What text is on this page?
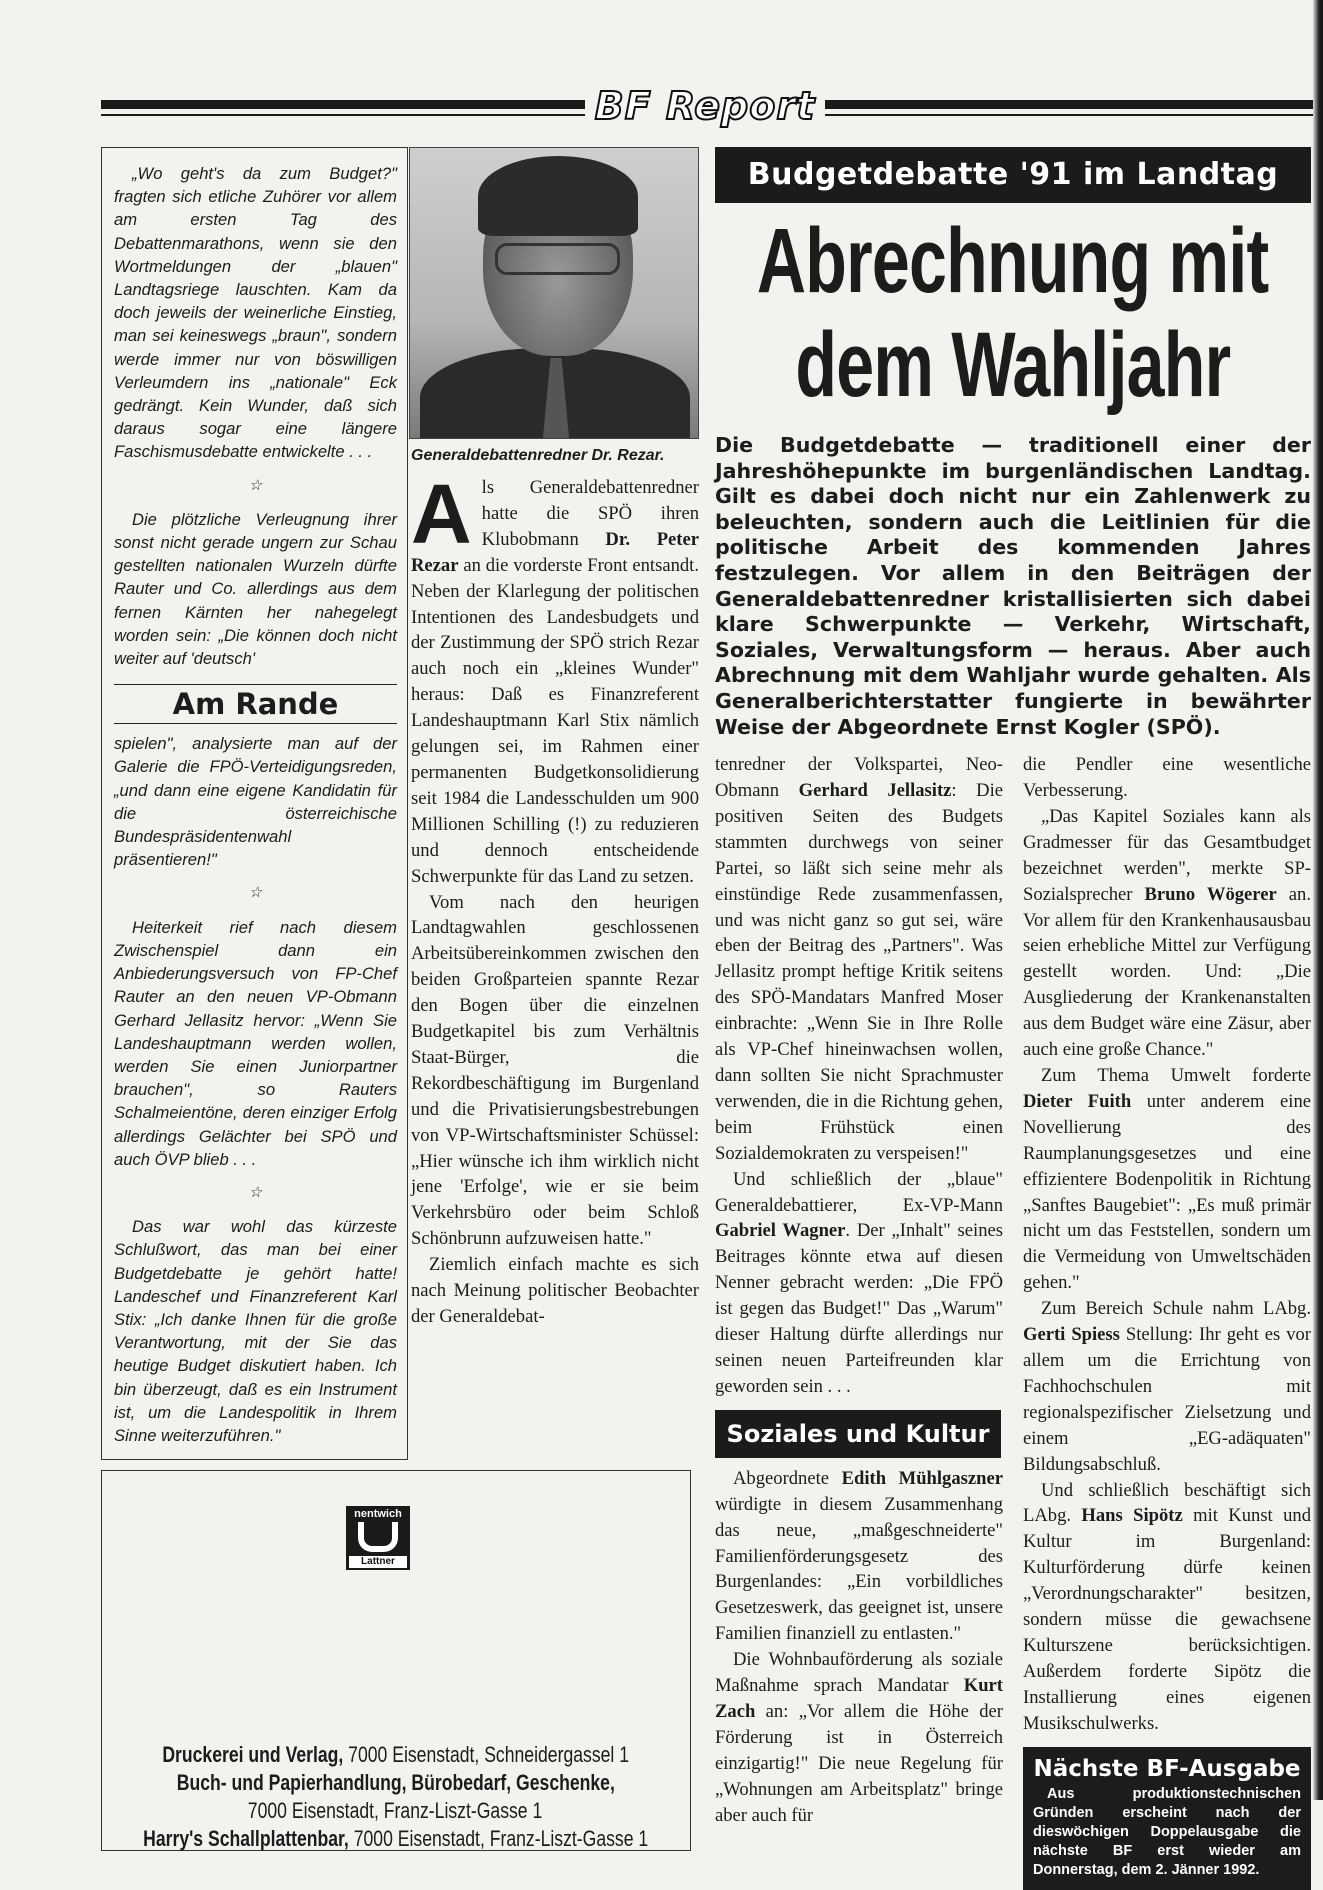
BF Report

„Wo geht's da zum Budget?" fragten sich etliche Zuhörer vor allem am ersten Tag des Debattenmarathons, wenn sie den Wortmeldungen der „blauen" Landtagsriege lauschten. Kam da doch jeweils der weinerliche Einstieg, man sei keineswegs „braun", sondern werde immer nur von böswilligen Verleumdern ins „nationale" Eck gedrängt. Kein Wunder, daß sich daraus sogar eine längere Faschismusdebatte entwickelte . . .

☆

Die plötzliche Verleugnung ihrer sonst nicht gerade ungern zur Schau gestellten nationalen Wurzeln dürfte Rauter und Co. allerdings aus dem fernen Kärnten her nahegelegt worden sein: „Die können doch nicht weiter auf 'deutsch'

Am Rande

spielen", analysierte man auf der Galerie die FPÖ-Verteidigungsreden, „und dann eine eigene Kandidatin für die österreichische Bundespräsidentenwahl präsentieren!"

☆

Heiterkeit rief nach diesem Zwischenspiel dann ein Anbiederungsversuch von FP-Chef Rauter an den neuen VP-Obmann Gerhard Jellasitz hervor: „Wenn Sie Landeshauptmann werden wollen, werden Sie einen Juniorpartner brauchen", so Rauters Schalmeientöne, deren einziger Erfolg allerdings Gelächter bei SPÖ und auch ÖVP blieb . . .

☆

Das war wohl das kürzeste Schlußwort, das man bei einer Budgetdebatte je gehört hatte! Landeschef und Finanzreferent Karl Stix: „Ich danke Ihnen für die große Verantwortung, mit der Sie das heutige Budget diskutiert haben. Ich bin überzeugt, daß es ein Instrument ist, um die Landespolitik in Ihrem Sinne weiterzuführen."

Generaldebattenredner Dr. Rezar.
A ls Generaldebattenredner hatte die SPÖ ihren Klubobmann Dr. Peter Rezar an die vorderste Front entsandt. Neben der Klarlegung der politischen Intentionen des Landesbudgets und der Zustimmung der SPÖ strich Rezar auch noch ein „kleines Wunder" heraus: Daß es Finanzreferent Landeshauptmann Karl Stix nämlich gelungen sei, im Rahmen einer permanenten Budgetkonsolidierung seit 1984 die Landesschulden um 900 Millionen Schilling (!) zu reduzieren und dennoch entscheidende Schwerpunkte für das Land zu setzen.

Vom nach den heurigen Landtagwahlen geschlossenen Arbeitsübereinkommen zwischen den beiden Großparteien spannte Rezar den Bogen über die einzelnen Budgetkapitel bis zum Verhältnis Staat-Bürger, die Rekordbeschäftigung im Burgenland und die Privatisierungsbestrebungen von VP-Wirtschaftsminister Schüssel: „Hier wünsche ich ihm wirklich nicht jene 'Erfolge', wie er sie beim Verkehrsbüro oder beim Schloß Schönbrunn aufzuweisen hatte."

Ziemlich einfach machte es sich nach Meinung politischer Beobachter der Generaldebat-

nentwich
Lattner
Druckerei und Verlag, 7000 Eisenstadt, Schneidergassel 1
Buch- und Papierhandlung, Bürobedarf, Geschenke,
7000 Eisenstadt, Franz-Liszt-Gasse 1
Harry's Schallplattenbar, 7000 Eisenstadt, Franz-Liszt-Gasse 1
Budgetdebatte '91 im Landtag
Abrechnung mit
dem Wahljahr
Die Budgetdebatte — traditionell einer der Jahreshöhepunkte im burgenländischen Landtag. Gilt es dabei doch nicht nur ein Zahlenwerk zu beleuchten, sondern auch die Leitlinien für die politische Arbeit des kommenden Jahres festzulegen. Vor allem in den Beiträgen der Generaldebattenredner kristallisierten sich dabei klare Schwerpunkte — Verkehr, Wirtschaft, Soziales, Verwaltungsform — heraus. Aber auch Abrechnung mit dem Wahljahr wurde gehalten. Als Generalberichterstatter fungierte in bewährter Weise der Abgeordnete Ernst Kogler (SPÖ).

tenredner der Volkspartei, Neo-Obmann Gerhard Jellasitz: Die positiven Seiten des Budgets stammten durchwegs von seiner Partei, so läßt sich seine mehr als einstündige Rede zusammenfassen, und was nicht ganz so gut sei, wäre eben der Beitrag des „Partners". Was Jellasitz prompt heftige Kritik seitens des SPÖ-Mandatars Manfred Moser einbrachte: „Wenn Sie in Ihre Rolle als VP-Chef hineinwachsen wollen, dann sollten Sie nicht Sprachmuster verwenden, die in die Richtung gehen, beim Frühstück einen Sozialdemokraten zu verspeisen!"

Und schließlich der „blaue" Generaldebattierer, Ex-VP-Mann Gabriel Wagner. Der „Inhalt" seines Beitrages könnte etwa auf diesen Nenner gebracht werden: „Die FPÖ ist gegen das Budget!" Das „Warum" dieser Haltung dürfte allerdings nur seinen neuen Parteifreunden klar geworden sein . . .

Soziales und Kultur

Abgeordnete Edith Mühlgaszner würdigte in diesem Zusammenhang das neue, „maßgeschneiderte" Familienförderungsgesetz des Burgenlandes: „Ein vorbildliches Gesetzeswerk, das geeignet ist, unsere Familien finanziell zu entlasten."

Die Wohnbauförderung als soziale Maßnahme sprach Mandatar Kurt Zach an: „Vor allem die Höhe der Förderung ist in Österreich einzigartig!" Die neue Regelung für „Wohnungen am Arbeitsplatz" bringe aber auch für

die Pendler eine wesentliche Verbesserung.

„Das Kapitel Soziales kann als Gradmesser für das Gesamtbudget bezeichnet werden", merkte SP-Sozialsprecher Bruno Wögerer an. Vor allem für den Krankenhausausbau seien erhebliche Mittel zur Verfügung gestellt worden. Und: „Die Ausgliederung der Krankenanstalten aus dem Budget wäre eine Zäsur, aber auch eine große Chance."

Zum Thema Umwelt forderte Dieter Fuith unter anderem eine Novellierung des Raumplanungsgesetzes und eine effizientere Bodenpolitik in Richtung „Sanftes Baugebiet": „Es muß primär nicht um das Feststellen, sondern um die Vermeidung von Umweltschäden gehen."

Zum Bereich Schule nahm LAbg. Gerti Spiess Stellung: Ihr geht es vor allem um die Errichtung von Fachhochschulen mit regionalspezifischer Zielsetzung und einem „EG-adäquaten" Bildungsabschluß.

Und schließlich beschäftigt sich LAbg. Hans Sipötz mit Kunst und Kultur im Burgenland: Kulturförderung dürfe keinen „Verordnungscharakter" besitzen, sondern müsse die gewachsene Kulturszene berücksichtigen. Außerdem forderte Sipötz die Installierung eines eigenen Musikschulwerks.

Nächste BF-Ausgabe

Aus produktionstechnischen Gründen erscheint nach der dieswöchigen Doppelausgabe die nächste BF erst wieder am Donnerstag, dem 2. Jänner 1992.
